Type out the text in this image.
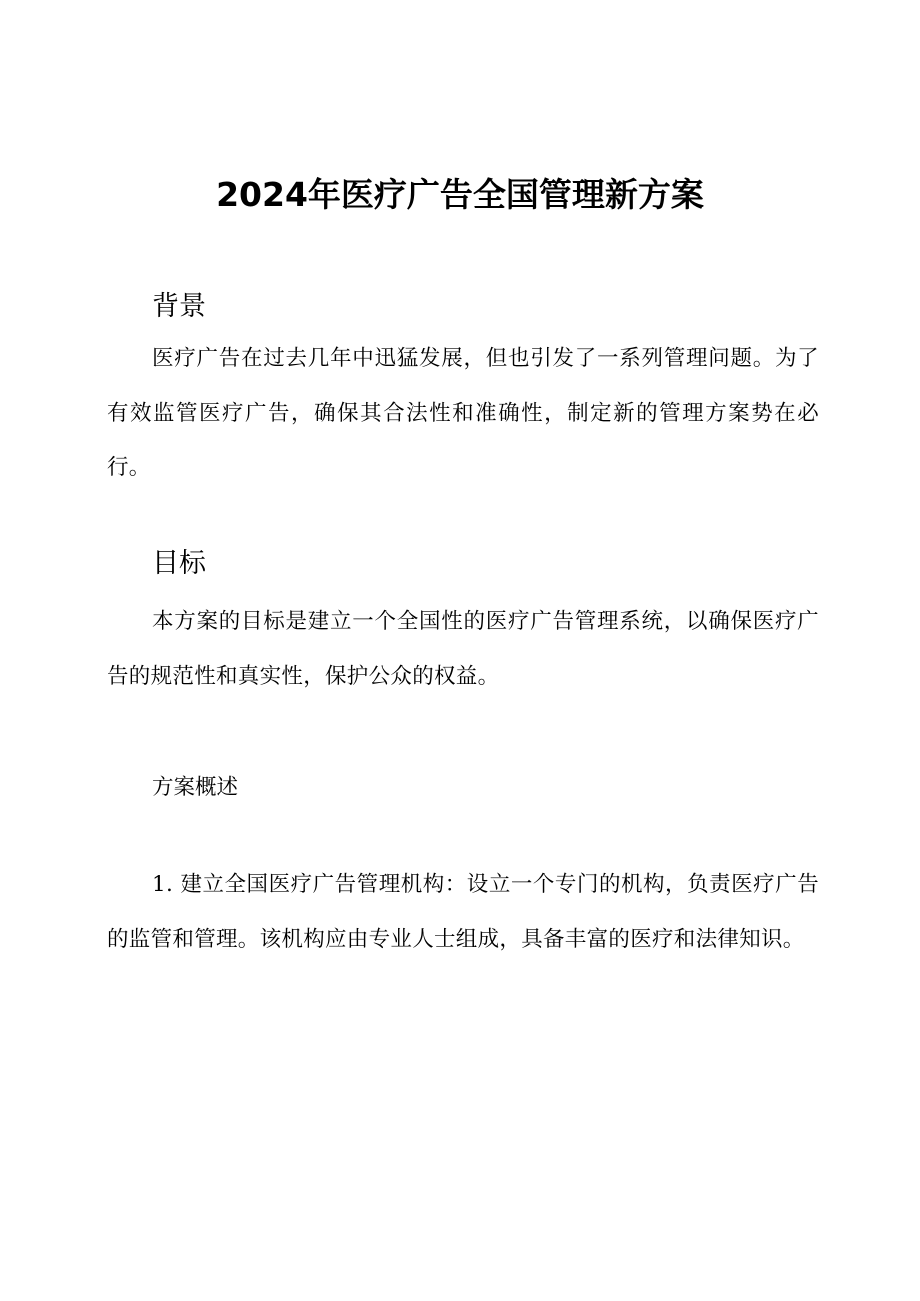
2024年医疗广告全国管理新方案
背景

医疗广告在过去几年中迅猛发展，但也引发了一系列管理问题。为了有效监管医疗广告，确保其合法性和准确性，制定新的管理方案势在必行。

目标

本方案的目标是建立一个全国性的医疗广告管理系统，以确保医疗广告的规范性和真实性，保护公众的权益。

方案概述

1. 建立全国医疗广告管理机构：设立一个专门的机构，负责医疗广告的监管和管理。该机构应由专业人士组成，具备丰富的医疗和法律知识。
